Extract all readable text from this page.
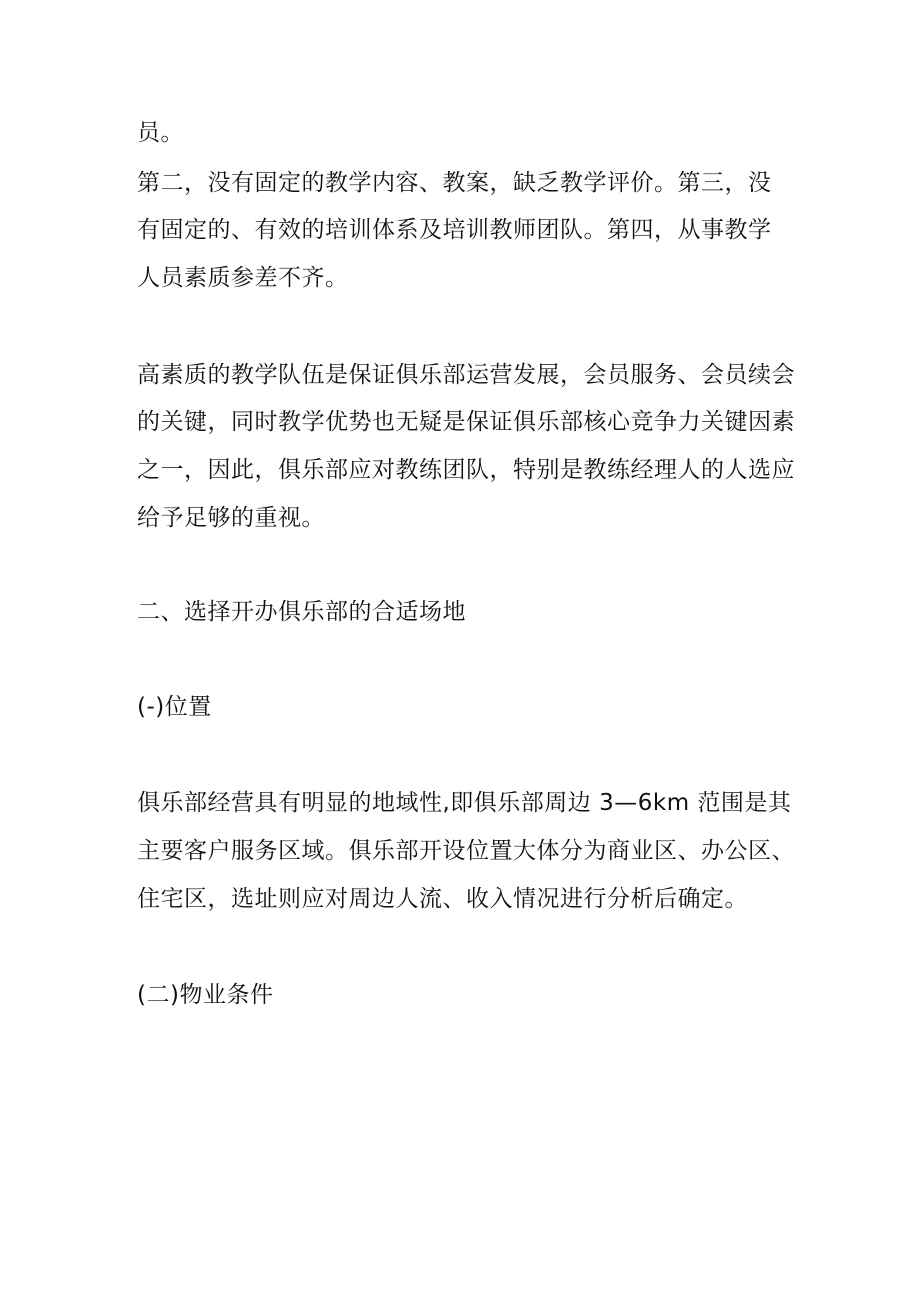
员。
第二，没有固定的教学内容、教案，缺乏教学评价。第三，没
有固定的、有效的培训体系及培训教师团队。第四，从事教学
人员素质参差不齐。
高素质的教学队伍是保证俱乐部运营发展，会员服务、会员续会
的关键，同时教学优势也无疑是保证俱乐部核心竞争力关键因素
之一，因此，俱乐部应对教练团队，特别是教练经理人的人选应
给予足够的重视。
二、选择开办俱乐部的合适场地
(-)位置
俱乐部经营具有明显的地域性,即俱乐部周边 3—6km 范围是其
主要客户服务区域。俱乐部开设位置大体分为商业区、办公区、
住宅区，选址则应对周边人流、收入情况进行分析后确定。
(二)物业条件
